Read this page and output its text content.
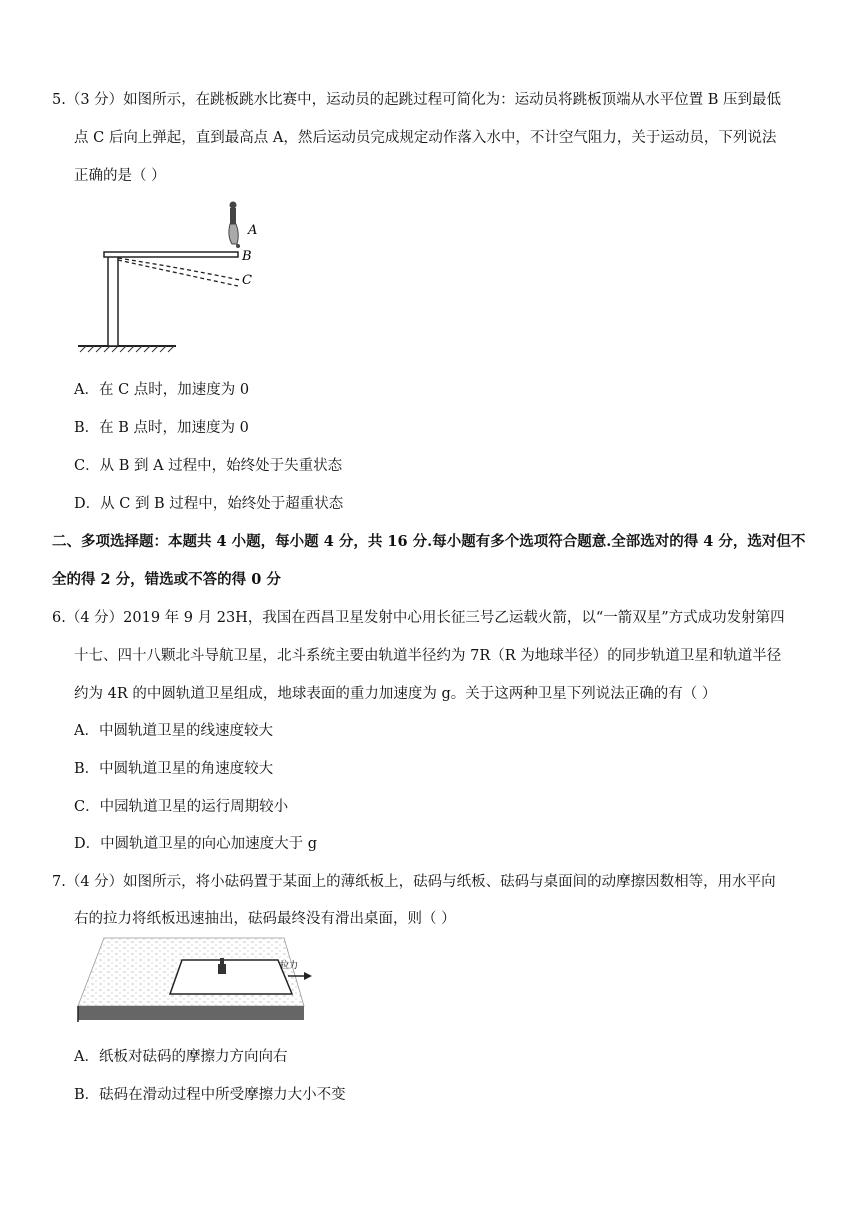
5.（3 分）如图所示，在跳板跳水比赛中，运动员的起跳过程可简化为：运动员将跳板顶端从水平位置 B 压到最低
点 C 后向上弹起，直到最高点 A，然后运动员完成规定动作落入水中，不计空气阻力，关于运动员，下列说法
正确的是（ ）
A
B
C
A．在 C 点时，加速度为 0
B．在 B 点时，加速度为 0
C．从 B 到 A 过程中，始终处于失重状态
D．从 C 到 B 过程中，始终处于超重状态
二、多项选择题：本题共 4 小题，每小题 4 分，共 16 分.每小题有多个选项符合题意.全部选对的得 4 分，选对但不
全的得 2 分，错选或不答的得 0 分
6.（4 分）2019 年 9 月 23H，我国在西昌卫星发射中心用长征三号乙运载火箭，以“一箭双星”方式成功发射第四
十七、四十八颗北斗导航卫星，北斗系统主要由轨道半径约为 7R（R 为地球半径）的同步轨道卫星和轨道半径
约为 4R 的中圆轨道卫星组成，地球表面的重力加速度为 g。关于这两种卫星下列说法正确的有（ ）
A．中圆轨道卫星的线速度较大
B．中圆轨道卫星的角速度较大
C．中园轨道卫星的运行周期较小
D．中圆轨道卫星的向心加速度大于 g
7.（4 分）如图所示，将小砝码置于某面上的薄纸板上，砝码与纸板、砝码与桌面间的动摩擦因数相等，用水平向
右的拉力将纸板迅速抽出，砝码最终没有滑出桌面，则（ ）
拉力
A．纸板对砝码的摩擦力方向向右
B．砝码在滑动过程中所受摩擦力大小不变
